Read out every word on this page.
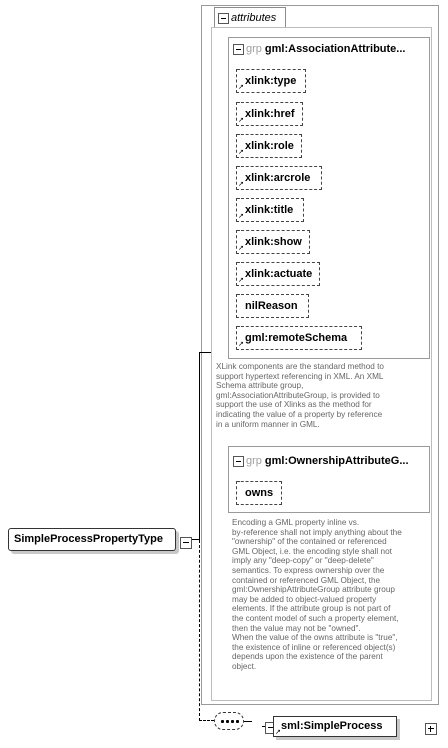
attributes
grp gml:AssociationAttribute...
↗
xlink:type
↗
xlink:href
↗
xlink:role
↗
xlink:arcrole
↗
xlink:title
↗
xlink:show
↗
xlink:actuate
nilReason
↗
gml:remoteSchema
XLink components are the standard method to
support hypertext referencing in XML. An XML
Schema attribute group,
gml:AssociationAttributeGroup, is provided to
support the use of Xlinks as the method for
indicating the value of a property by reference
in a uniform manner in GML.
grp gml:OwnershipAttributeG...
owns
Encoding a GML property inline vs.
by-reference shall not imply anything about the
"ownership" of the contained or referenced
GML Object, i.e. the encoding style shall not
imply any "deep-copy" or "deep-delete"
semantics. To express ownership over the
contained or referenced GML Object, the
gml:OwnershipAttributeGroup attribute group
may be added to object-valued property
elements. If the attribute group is not part of
the content model of such a property element,
then the value may not be "owned".
When the value of the owns attribute is "true",
the existence of inline or referenced object(s)
depends upon the existence of the parent
object.
SimpleProcessPropertyType

↗
sml:SimpleProcess
